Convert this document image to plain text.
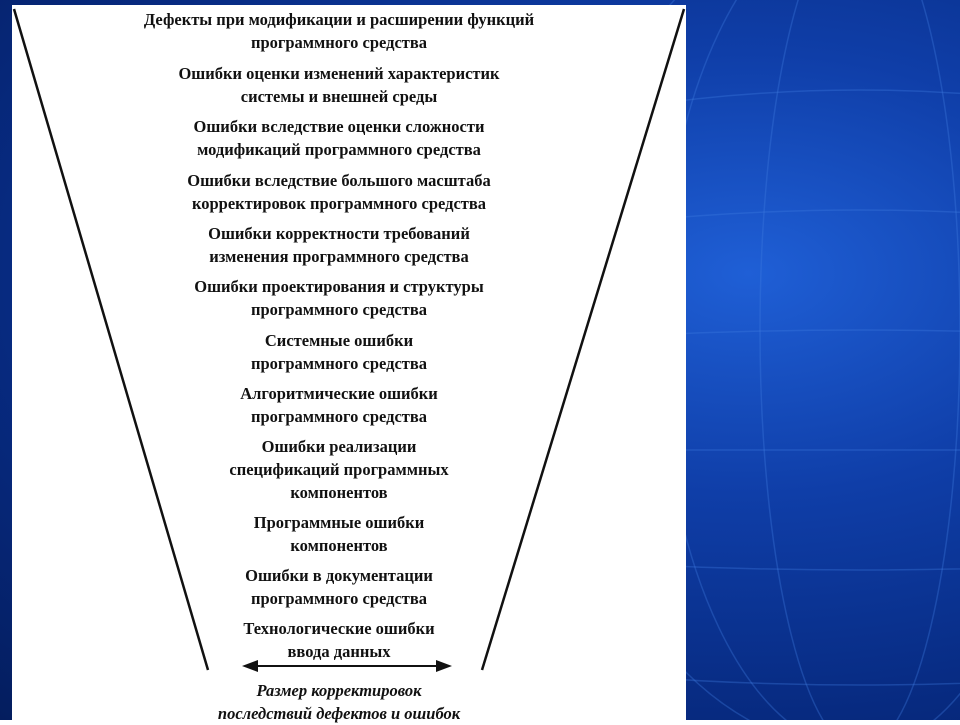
Дефекты при модификации и расширении функций
программного средства
Ошибки оценки изменений характеристик
системы и внешней среды
Ошибки вследствие оценки сложности
модификаций программного средства
Ошибки вследствие большого масштаба
корректировок программного средства
Ошибки корректности требований
изменения программного средства
Ошибки проектирования и структуры
программного средства
Системные ошибки
программного средства
Алгоритмические ошибки
программного средства
Ошибки реализации
спецификаций программных
компонентов
Программные ошибки
компонентов
Ошибки в документации
программного средства
Технологические ошибки
ввода данных
Размер корректировок
последствий дефектов и ошибок
